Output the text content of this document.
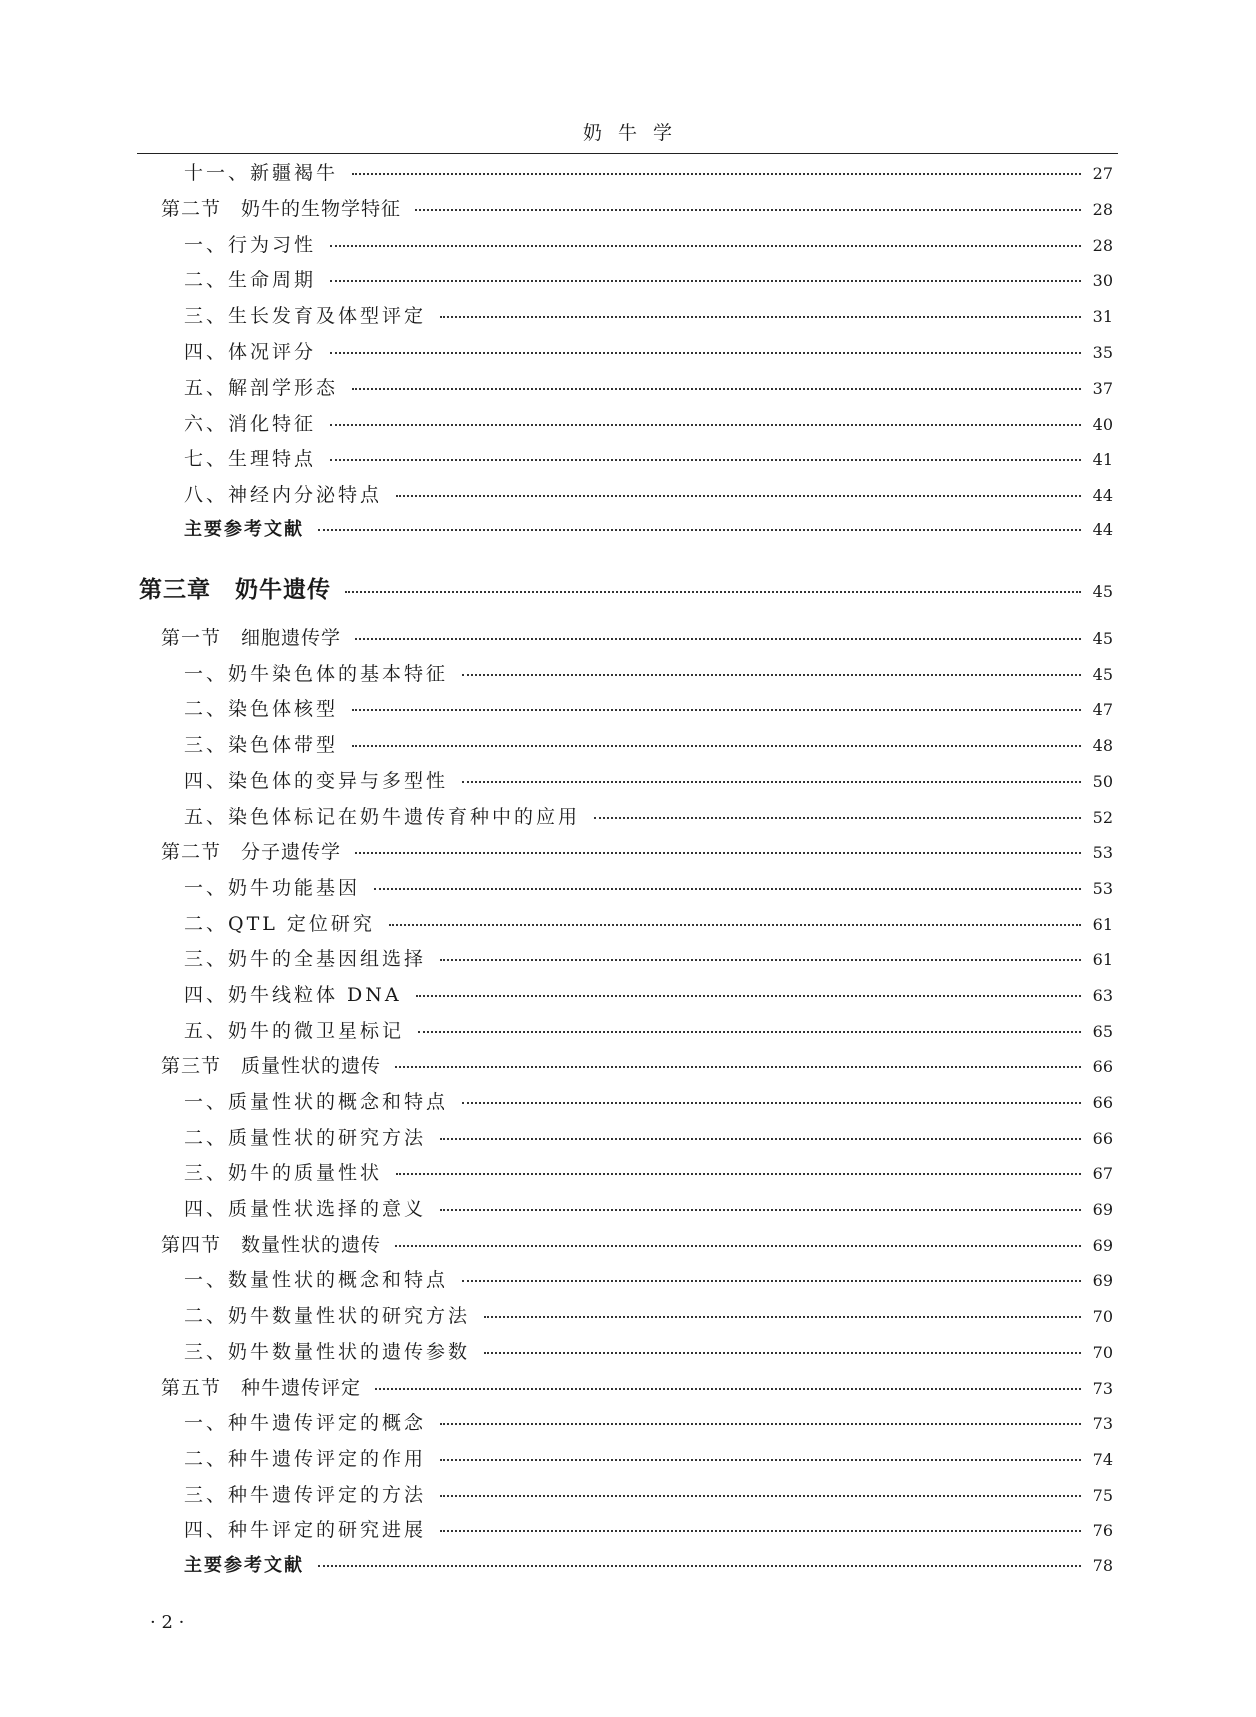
奶牛学
十一、新疆褐牛	27
第二节　奶牛的生物学特征	28
一、行为习性	28
二、生命周期	30
三、生长发育及体型评定	31
四、体况评分	35
五、解剖学形态	37
六、消化特征	40
七、生理特点	41
八、神经内分泌特点	44
主要参考文献	44
第三章　奶牛遗传	45
第一节　细胞遗传学	45
一、奶牛染色体的基本特征	45
二、染色体核型	47
三、染色体带型	48
四、染色体的变异与多型性	50
五、染色体标记在奶牛遗传育种中的应用	52
第二节　分子遗传学	53
一、奶牛功能基因	53
二、QTL 定位研究	61
三、奶牛的全基因组选择	61
四、奶牛线粒体 DNA	63
五、奶牛的微卫星标记	65
第三节　质量性状的遗传	66
一、质量性状的概念和特点	66
二、质量性状的研究方法	66
三、奶牛的质量性状	67
四、质量性状选择的意义	69
第四节　数量性状的遗传	69
一、数量性状的概念和特点	69
二、奶牛数量性状的研究方法	70
三、奶牛数量性状的遗传参数	70
第五节　种牛遗传评定	73
一、种牛遗传评定的概念	73
二、种牛遗传评定的作用	74
三、种牛遗传评定的方法	75
四、种牛评定的研究进展	76
主要参考文献	78
· 2 ·
